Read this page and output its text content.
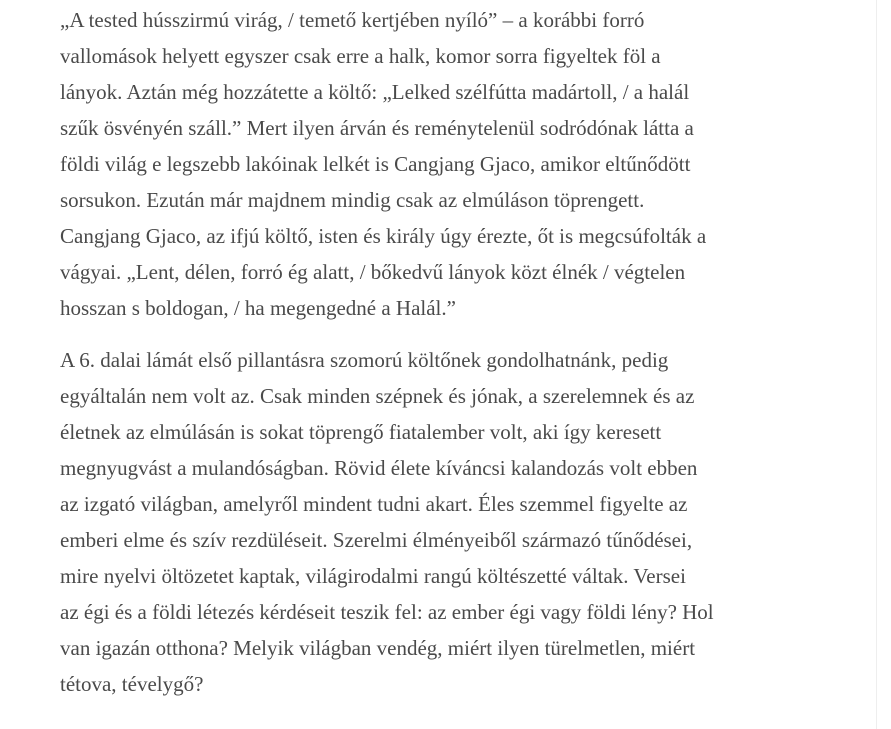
„A tested hússzirmú virág, / temető kertjében nyíló” – a korábbi forró
vallomások helyett egyszer csak erre a halk, komor sorra figyeltek föl a
lányok. Aztán még hozzátette a költő: „Lelked szélfútta madártoll, / a halál
szűk ösvényén száll.” Mert ilyen árván és reménytelenül sodródónak látta a
földi világ e legszebb lakóinak lelkét is Cangjang Gjaco, amikor eltűnődött
sorsukon. Ezután már majdnem mindig csak az elmúláson töprengett.
Cangjang Gjaco, az ifjú költő, isten és király úgy érezte, őt is megcsúfolták a
vágyai. „Lent, délen, forró ég alatt, / bőkedvű lányok közt élnék / végtelen
hosszan s boldogan, / ha megengedné a Halál.”

A 6. dalai lámát első pillantásra szomorú költőnek gondolhatnánk, pedig
egyáltalán nem volt az. Csak minden szépnek és jónak, a szerelemnek és az
életnek az elmúlásán is sokat töprengő fiatalember volt, aki így keresett
megnyugvást a mulandóságban. Rövid élete kíváncsi kalandozás volt ebben
az izgató világban, amelyről mindent tudni akart. Éles szemmel figyelte az
emberi elme és szív rezdüléseit. Szerelmi élményeiből származó tűnődései,
mire nyelvi öltözetet kaptak, világirodalmi rangú költészetté váltak. Versei
az égi és a földi létezés kérdéseit teszik fel: az ember égi vagy földi lény? Hol
van igazán otthona? Melyik világban vendég, miért ilyen türelmetlen, miért
tétova, tévelygő?
